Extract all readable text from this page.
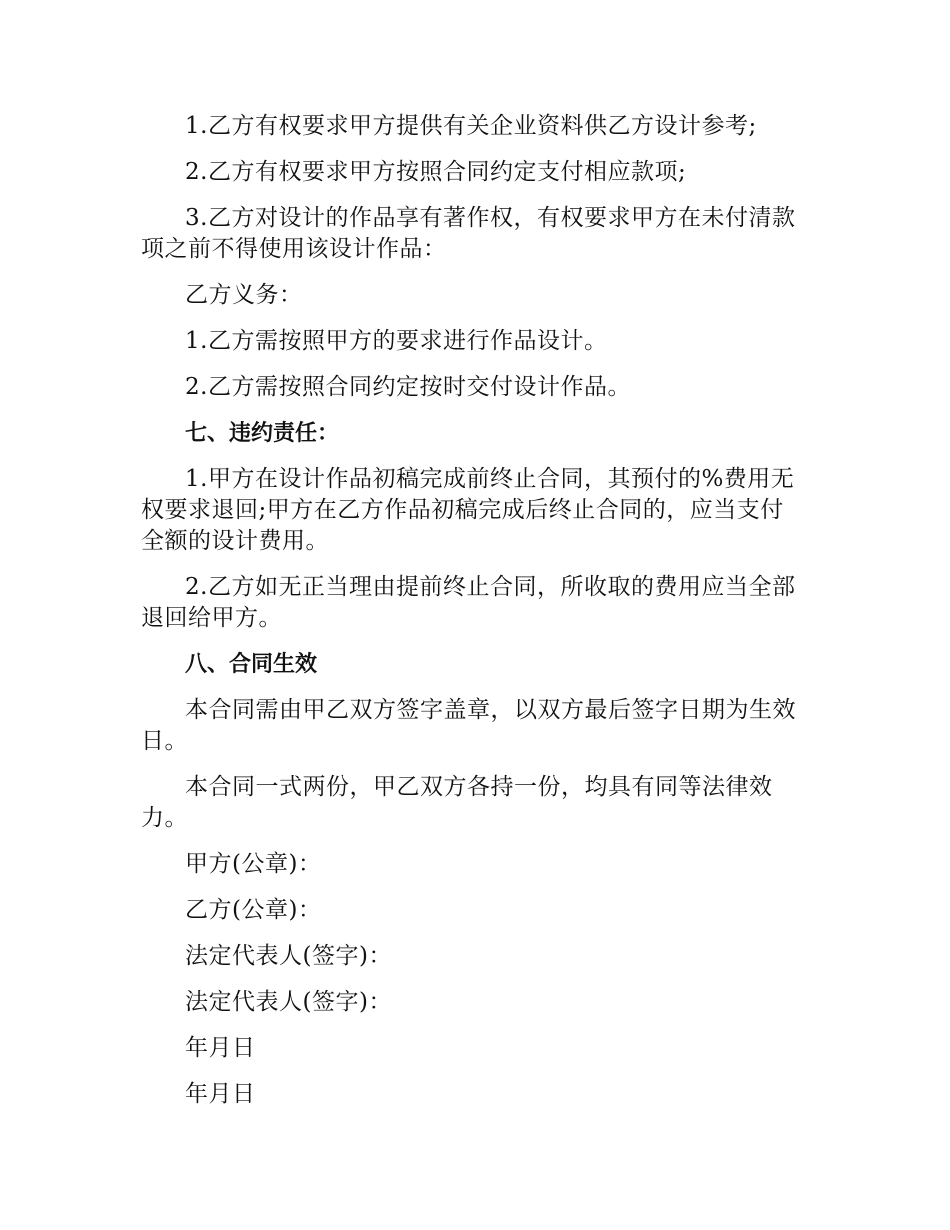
1.乙方有权要求甲方提供有关企业资料供乙方设计参考;

2.乙方有权要求甲方按照合同约定支付相应款项;

3.乙方对设计的作品享有著作权，有权要求甲方在未付清款项之前不得使用该设计作品：

乙方义务：

1.乙方需按照甲方的要求进行作品设计。

2.乙方需按照合同约定按时交付设计作品。

七、违约责任：

1.甲方在设计作品初稿完成前终止合同，其预付的%费用无权要求退回;甲方在乙方作品初稿完成后终止合同的，应当支付全额的设计费用。

2.乙方如无正当理由提前终止合同，所收取的费用应当全部退回给甲方。

八、合同生效

本合同需由甲乙双方签字盖章，以双方最后签字日期为生效日。

本合同一式两份，甲乙双方各持一份，均具有同等法律效力。

甲方(公章)：

乙方(公章)：

法定代表人(签字)：

法定代表人(签字)：

年月日

年月日
